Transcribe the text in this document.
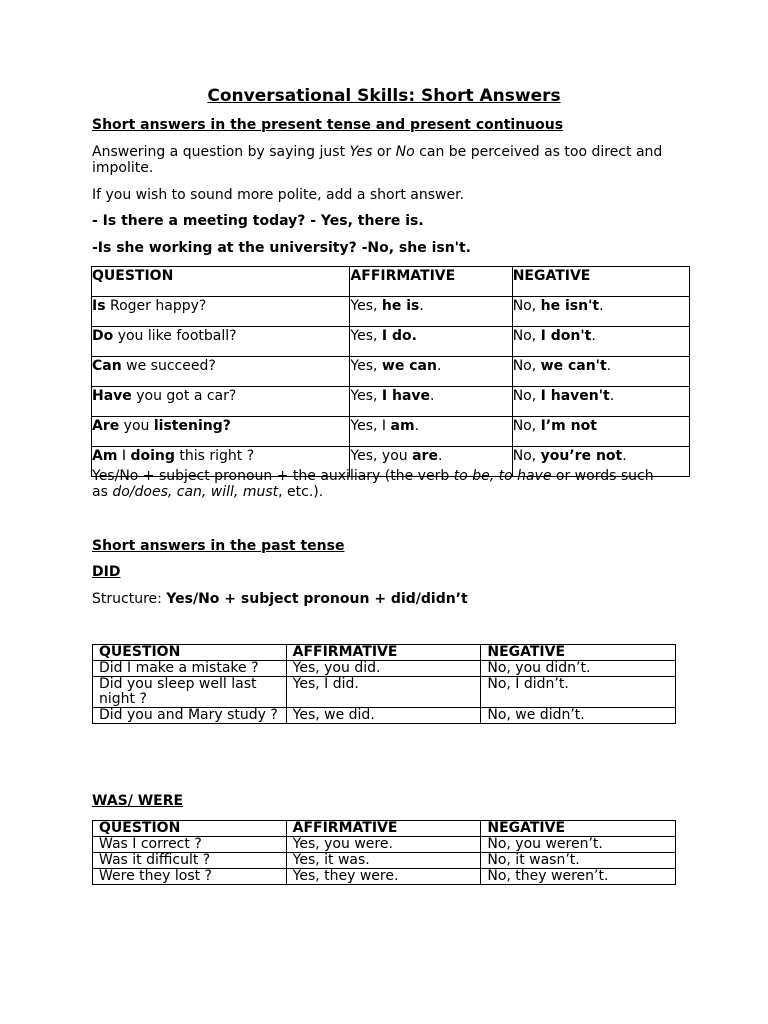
Conversational Skills: Short Answers

Short answers in the present tense and present continuous

Answering a question by saying just Yes or No can be perceived as too direct and
impolite.

If you wish to sound more polite, add a short answer.

- Is there a meeting today? - Yes, there is.

-Is she working at the university? -No, she isn't.

QUESTION	AFFIRMATIVE	NEGATIVE
Is Roger happy?	Yes, he is.	No, he isn't.
Do you like football?	Yes, I do.	No, I don't.
Can we succeed?	Yes, we can.	No, we can't.
Have you got a car?	Yes, I have.	No, I haven't.
Are you listening?	Yes, I am.	No, I’m not
Am I doing this right ?	Yes, you are.	No, you’re not.

Yes/No + subject pronoun + the auxiliary (the verb to be, to have or words such
as do/does, can, will, must, etc.).

Short answers in the past tense

DID

Structure: Yes/No + subject pronoun + did/didn’t

QUESTION	AFFIRMATIVE	NEGATIVE
Did I make a mistake ?	Yes, you did.	No, you didn’t.
Did you sleep well last night ?	Yes, I did.	No, I didn’t.
Did you and Mary study ?	Yes, we did.	No, we didn’t.

WAS/ WERE

QUESTION	AFFIRMATIVE	NEGATIVE
Was I correct ?	Yes, you were.	No, you weren’t.
Was it difficult ?	Yes, it was.	No, it wasn’t.
Were they lost ?	Yes, they were.	No, they weren’t.
